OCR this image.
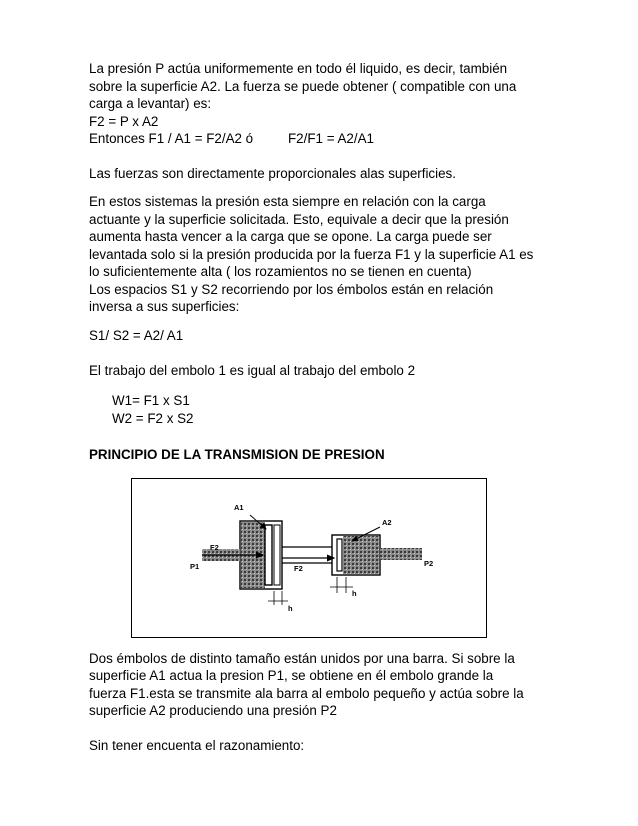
La presión P actúa uniformemente en todo él liquido, es decir, también

sobre la superficie A2. La fuerza se puede obtener ( compatible con una

carga a levantar) es:

F2 = P x A2

Entonces F1 / A1 = F2/A2 ó	F2/F1 = A2/A1

Las fuerzas son directamente proporcionales alas superficies.

En estos sistemas la presión esta siempre en relación con la carga

actuante y la superficie solicitada. Esto, equivale a decir que la presión

aumenta hasta vencer a la carga que se opone. La carga puede ser

levantada solo si la presión producida por la fuerza F1 y la superficie A1 es

lo suficientemente alta ( los rozamientos no se tienen en cuenta)

Los espacios S1 y S2 recorriendo por los émbolos están en relación

inversa a sus superficies:

S1/ S2 = A2/ A1

El trabajo del embolo 1 es igual al trabajo del embolo 2

W1= F1 x S1

W2 = F2 x S2

PRINCIPIO DE LA TRANSMISION DE PRESION

A1
A2
F2
P1	F2
P2
h
h

Dos émbolos de distinto tamaño están unidos por una barra. Si sobre la

superficie A1 actua la presion P1, se obtiene en él embolo grande la

fuerza F1.esta se transmite ala barra al embolo pequeño y actúa sobre la

superficie A2 produciendo una presión P2

Sin tener encuenta el razonamiento:
